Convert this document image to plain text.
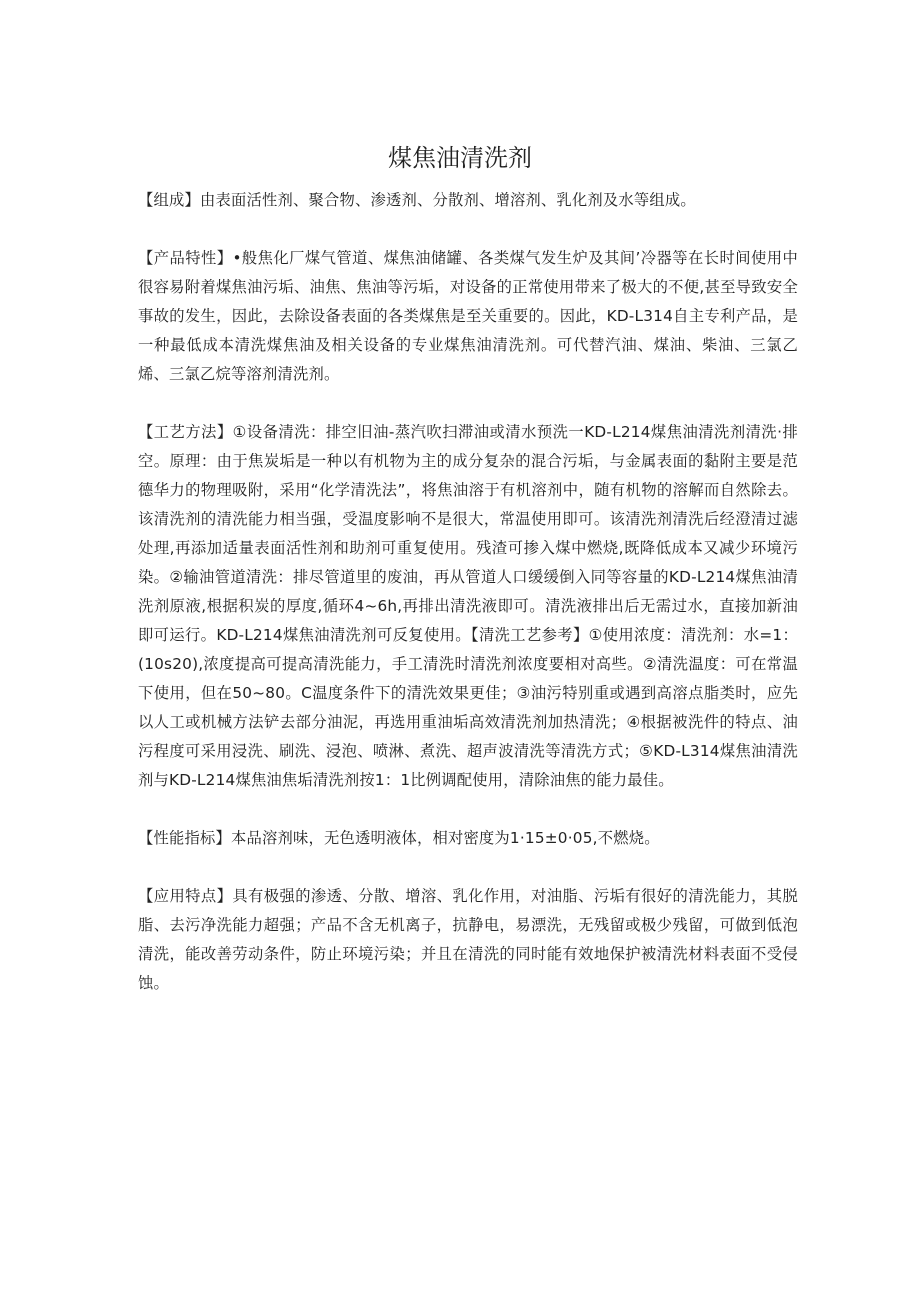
煤焦油清洗剂

【组成】由表面活性剂、聚合物、渗透剂、分散剂、增溶剂、乳化剂及水等组成。

【产品特性】•般焦化厂煤气管道、煤焦油储罐、各类煤气发生炉及其间’冷器等在长时间使用中很容易附着煤焦油污垢、油焦、焦油等污垢，对设备的正常使用带来了极大的不便,甚至导致安全事故的发生，因此，去除设备表面的各类煤焦是至关重要的。因此，KD-L314自主专利产品，是一种最低成本清洗煤焦油及相关设备的专业煤焦油清洗剂。可代替汽油、煤油、柴油、三氯乙烯、三氯乙烷等溶剂清洗剂。

【工艺方法】①设备清洗：排空旧油-蒸汽吹扫滞油或清水预洗一KD-L214煤焦油清洗剂清洗·排空。原理：由于焦炭垢是一种以有机物为主的成分复杂的混合污垢，与金属表面的黏附主要是范德华力的物理吸附，采用“化学清洗法”，将焦油溶于有机溶剂中，随有机物的溶解而自然除去。该清洗剂的清洗能力相当强，受温度影响不是很大，常温使用即可。该清洗剂清洗后经澄清过滤处理,再添加适量表面活性剂和助剂可重复使用。残渣可掺入煤中燃烧,既降低成本又减少环境污染。②输油管道清洗：排尽管道里的废油，再从管道人口缓缓倒入同等容量的KD-L214煤焦油清洗剂原液,根据积炭的厚度,循环4~6h,再排出清洗液即可。清洗液排出后无需过水，直接加新油即可运行。KD-L214煤焦油清洗剂可反复使用。【清洗工艺参考】①使用浓度：清洗剂：水=1：(10s20),浓度提高可提高清洗能力，手工清洗时清洗剂浓度要相对高些。②清洗温度：可在常温下使用，但在50~80。C温度条件下的清洗效果更佳；③油污特别重或遇到高溶点脂类时，应先以人工或机械方法铲去部分油泥，再选用重油垢高效清洗剂加热清洗；④根据被洗件的特点、油污程度可采用浸洗、刷洗、浸泡、喷淋、煮洗、超声波清洗等清洗方式；⑤KD-L314煤焦油清洗剂与KD-L214煤焦油焦垢清洗剂按1：1比例调配使用，清除油焦的能力最佳。

【性能指标】本品溶剂味，无色透明液体，相对密度为1·15±0·05,不燃烧。

【应用特点】具有极强的渗透、分散、增溶、乳化作用，对油脂、污垢有很好的清洗能力，其脱脂、去污净洗能力超强；产品不含无机离子，抗静电，易漂洗，无残留或极少残留，可做到低泡清洗，能改善劳动条件，防止环境污染；并且在清洗的同时能有效地保护被清洗材料表面不受侵蚀。
